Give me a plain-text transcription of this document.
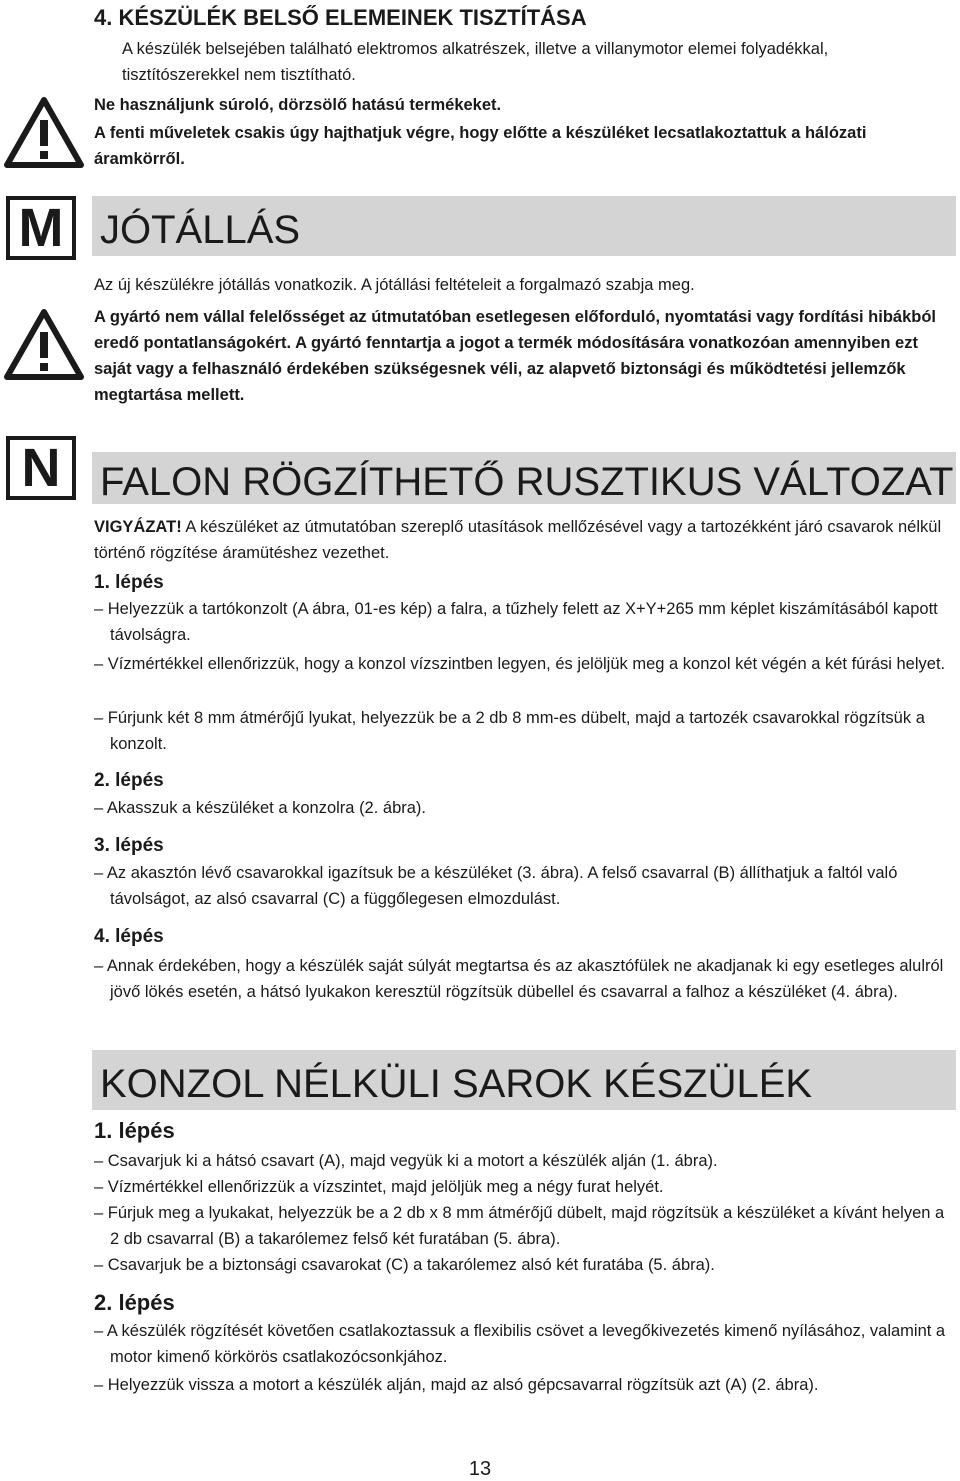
4. KÉSZÜLÉK BELSŐ ELEMEINEK TISZTÍTÁSA
A készülék belsejében található elektromos alkatrészek, illetve a villanymotor elemei folyadékkal, tisztítószerekkel nem tisztítható.
Ne használjunk súroló, dörzsölő hatású termékeket.
A fenti műveletek csakis úgy hajthatjuk végre, hogy előtte a készüléket lecsatlakoztattuk a hálózati áramkörről.
M JÓTÁLLÁS
Az új készülékre jótállás vonatkozik. A jótállási feltételeit a forgalmazó szabja meg.
A gyártó nem vállal felelősséget az útmutatóban esetlegesen előforduló, nyomtatási vagy fordítási hibákból eredő pontatlanságokért. A gyártó fenntartja a jogot a termék módosítására vonatkozóan amennyiben ezt saját vagy a felhasználó érdekében szükségesnek véli, az alapvető biztonsági és működtetési jellemzők megtartása mellett.
N FALON RÖGZÍTHETŐ RUSZTIKUS VÁLTOZAT
VIGYÁZAT! A készüléket az útmutatóban szereplő utasítások mellőzésével vagy a tartozékként járó csavarok nélkül történő rögzítése áramütéshez vezethet.
1. lépés
– Helyezzük a tartókonzolt (A ábra, 01-es kép) a falra, a tűzhely felett az X+Y+265 mm képlet kiszámításából kapott távolságra.
– Vízmértékkel ellenőrizzük, hogy a konzol vízszintben legyen, és jelöljük meg a konzol két végén a két fúrási helyet.
– Fúrjunk két 8 mm átmérőjű lyukat, helyezzük be a 2 db 8 mm-es dübelt, majd a tartozék csavarokkal rögzítsük a konzolt.
2. lépés
– Akasszuk a készüléket a konzolra (2. ábra).
3. lépés
– Az akasztón lévő csavarokkal igazítsuk be a készüléket (3. ábra). A felső csavarral (B) állíthatjuk a faltól való távolságot, az alsó csavarral (C) a függőlegesen elmozdulást.
4. lépés
– Annak érdekében, hogy a készülék saját súlyát megtartsa és az akasztófülek ne akadjanak ki egy esetleges alulról jövő lökés esetén, a hátsó lyukakon keresztül rögzítsük dübellel és csavarral a falhoz a készüléket (4. ábra).
KONZOL NÉLKÜLI SAROK KÉSZÜLÉK
1. lépés
– Csavarjuk ki a hátsó csavart (A), majd vegyük ki a motort a készülék alján (1. ábra).
– Vízmértékkel ellenőrizzük a vízszintet, majd jelöljük meg a négy furat helyét.
– Fúrjuk meg a lyukakat, helyezzük be a 2 db x 8 mm átmérőjű dübelt, majd rögzítsük a készüléket a kívánt helyen a 2 db csavarral (B) a takarólemez felső két furatában (5. ábra).
– Csavarjuk be a biztonsági csavarokat (C) a takarólemez alsó két furatába (5. ábra).
2. lépés
– A készülék rögzítését követően csatlakoztassuk a flexibilis csövet a levegőkivezetés kimenő nyílásához, valamint a motor kimenő körkörös csatlakozócsonkjához.
– Helyezzük vissza a motort a készülék alján, majd az alsó gépcsavarral rögzítsük azt (A) (2. ábra).
13
